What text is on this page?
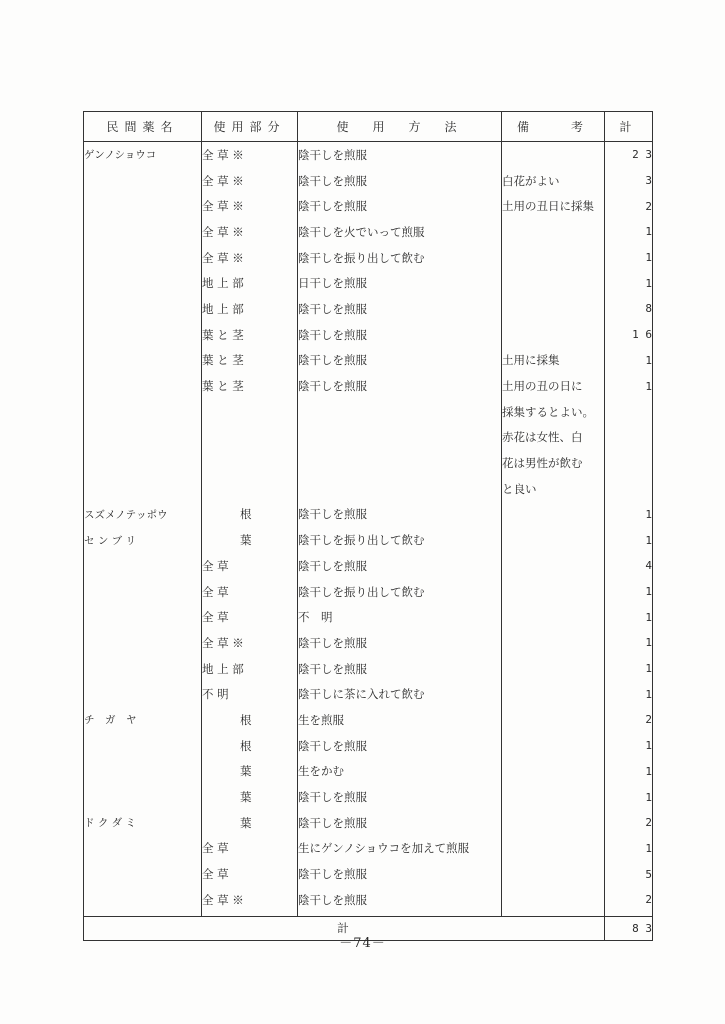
民間薬名	使用部分	使　用　方　法	備　　考	計
ゲンノショウコ	全 草 ※	陰干しを煎服		2 3
	全 草 ※	陰干しを煎服	白花がよい	3
	全 草 ※	陰干しを煎服	土用の丑日に採集	2
	全 草 ※	陰干しを火でいって煎服		1
	全 草 ※	陰干しを振り出して飲む		1
	地 上 部	日干しを煎服		1
	地 上 部	陰干しを煎服		8
	葉 と 茎	陰干しを煎服		1 6
	葉 と 茎	陰干しを煎服	土用に採集	1
	葉 と 茎	陰干しを煎服	土用の丑の日に	1
			採集するとよい。	
			赤花は女性、白	
			花は男性が飲む	
			と良い	
スズメノテッポウ	根	陰干しを煎服		1
セ ン ブ リ	葉	陰干しを振り出して飲む		1
	全 草	陰干しを煎服		4
	全 草	陰干しを振り出して飲む		1
	全 草	不　明		1
	全 草 ※	陰干しを煎服		1
	地 上 部	陰干しを煎服		1
	不 明	陰干しに茶に入れて飲む		1
チ　ガ　ヤ	根	生を煎服		2
	根	陰干しを煎服		1
	葉	生をかむ		1
	葉	陰干しを煎服		1
ド ク ダ ミ	葉	陰干しを煎服		2
	全 草	生にゲンノショウコを加えて煎服		1
	全 草	陰干しを煎服		5
	全 草 ※	陰干しを煎服		2

計				8 3
－74－
